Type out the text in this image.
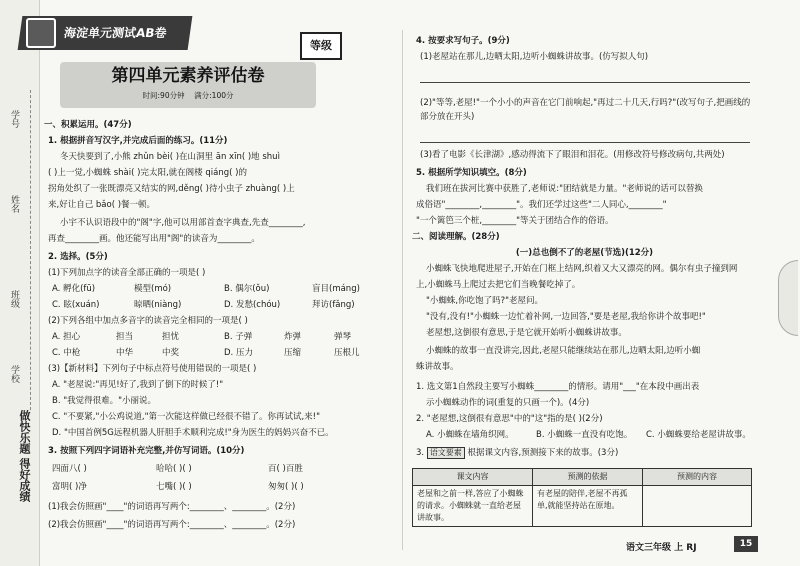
学号
姓名
班级
学校
做快乐题 得好成绩
海淀单元测试AB卷
等级
第四单元素养评估卷
时间:90分钟 满分:100分
一、积累运用。(47分)
1. 根据拼音写汉字,并完成后面的练习。(11分)
冬天快要到了,小熊 zhǔn bèi( )在山洞里 ān xīn( )地 shuì
( )上一觉,小蜘蛛 shài( )完太阳,就在阁楼 qiáng( )的
拐角处织了一张既漂亮又结实的网,děng( )待小虫子 zhuàng( )上
来,好让自己 bǎo( )餐一顿。
小宇不认识语段中的"阁"字,他可以用部首查字典查,先查________,
再查________画。他还能写出用"阁"的读音为________。
2. 选择。(5分)
(1)下列加点字的读音全部正确的一项是( )
A. 孵化(fū)	模型(mó)	B. 偶尔(ǒu)	盲目(máng)
C. 眩(xuán)	晾晒(niàng)	D. 发愁(chóu)	拜访(fǎng)
(2)下列各组中加点多音字的读音完全相同的一项是( )
A. 担心	担当	担忧	B. 子弹	炸弹	弹琴
C. 中枪	中华	中奖	D. 压力	压缩	压根儿
(3)【新材料】下列句子中标点符号使用错误的一项是( )
A. "老屋说:"再见!好了,我到了倒下的时候了!"
B. "我觉得很难。"小丽说。
C. "不要紧,"小公鸡说道,"第一次能这样做已经很不错了。你再试试,来!"
D. "中国首例5G远程机器人肝胆手术顺利完成!"身为医生的妈妈兴奋不已。
3. 按照下列四字词语补充完整,并仿写词语。(10分)
四面八( )	哈哈( )( )	百( )百胜
富明( )净	七嘴( )( )	匆匆( )( )
(1)我会仿照画"____"的词语再写两个:________、________。(2分)
(2)我会仿照画"____"的词语再写两个:________、________。(2分)
4. 按要求写句子。(9分)
(1)老屋站在那儿,边晒太阳,边听小蜘蛛讲故事。(仿写拟人句)
(2)"等等,老屋!"一个小小的声音在它门前响起,"再过二十几天,行吗?"(改写句子,把画线的部分放在开头)
(3)看了电影《长津湖》,感动得流下了眼泪和泪花。(用修改符号修改病句,共两处)
5. 根据所学知识填空。(8分)
我们班在拔河比赛中获胜了,老师说:"团结就是力量。"老师说的话可以替换
成俗语"________,________"。我们还学过这些"二人同心,________"
"一个篱笆三个桩,________"等关于团结合作的俗语。
二、阅读理解。(28分)
(一)总也倒不了的老屋(节选)(12分)
小蜘蛛飞快地爬进屋子,开始在门框上结网,织着又大又漂亮的网。偶尔有虫子撞到网
上,小蜘蛛马上爬过去把它们当晚餐吃掉了。
"小蜘蛛,你吃饱了吗?"老屋问。
"没有,没有!"小蜘蛛一边忙着补网,一边回答,"要是老屋,我给你讲个故事吧!"
老屋想,这倒很有意思,于是它就开始听小蜘蛛讲故事。
小蜘蛛的故事一直没讲完,因此,老屋只能继续站在那儿,边晒太阳,边听小蜘
蛛讲故事。
1. 选文第1自然段主要写小蜘蛛________的情形。请用"___"在本段中画出表
示小蜘蛛动作的词(重复的只画一个)。(4分)
2. "老屋想,这倒很有意思"中的"这"指的是( )(2分)
A. 小蜘蛛在墙角织网。	B. 小蜘蛛一直没有吃饱。 C. 小蜘蛛要给老屋讲故事。
3. 语文要素 根据课文内容,预测接下来的故事。(3分)
课文内容	预测的依据	预测的内容
老屋和之前一样,答应了小蜘蛛的请求。小蜘蛛就一直给老屋讲故事。	有老屋的陪伴,老屋不再孤单,就能坚持站在原地。	
语文三年级 上 RJ	15
